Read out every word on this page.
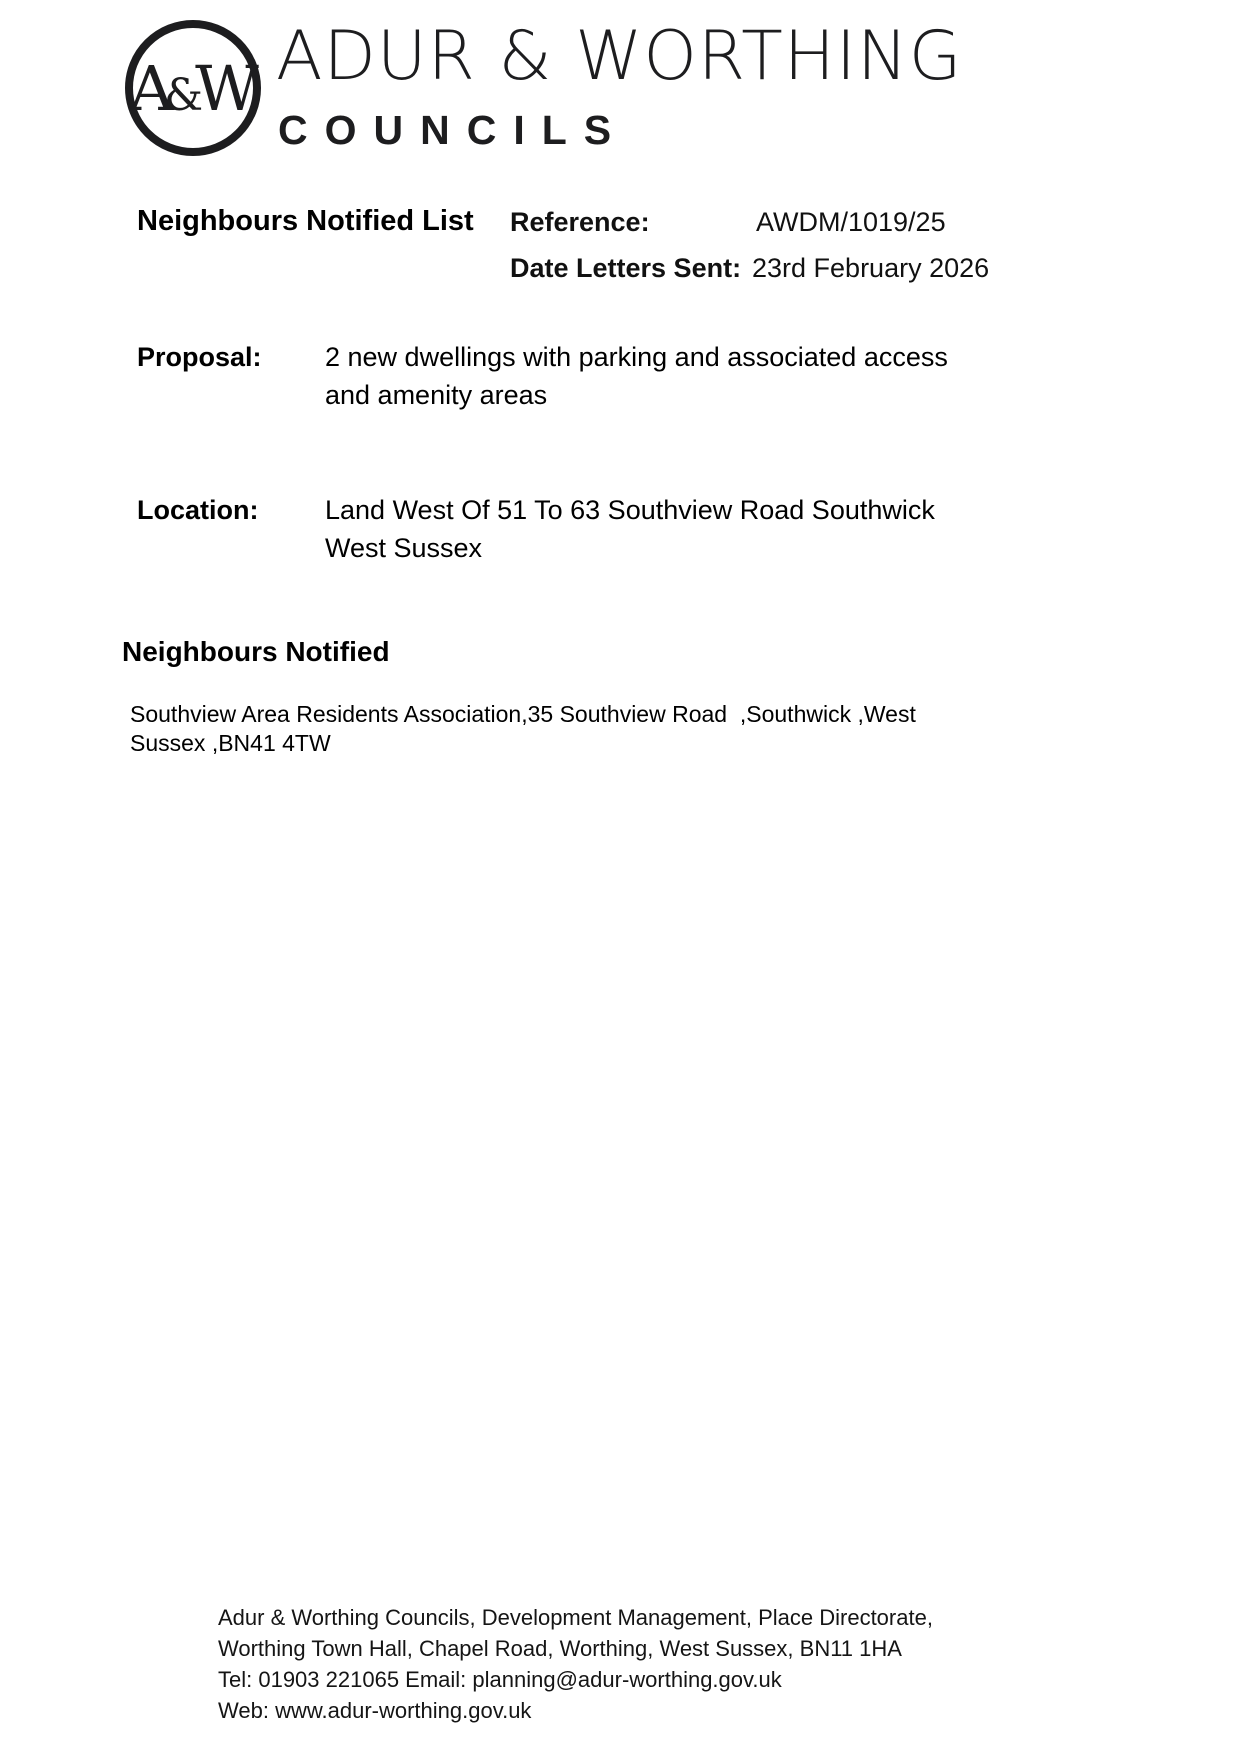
A
&
W ADUR & WORTHING
COUNCILS
Neighbours Notified List Reference:	AWDM/1019/25
Date Letters Sent: 23rd February 2026
Proposal: 2 new dwellings with parking and associated access and amenity areas
Location: Land West Of 51 To 63 Southview Road Southwick West Sussex
Neighbours Notified
Southview Area Residents Association,35 Southview Road  ,Southwick ,West Sussex ,BN41 4TW
Adur & Worthing Councils, Development Management, Place Directorate,
Worthing Town Hall, Chapel Road, Worthing, West Sussex, BN11 1HA
Tel: 01903 221065 Email: planning@adur-worthing.gov.uk
Web: www.adur-worthing.gov.uk
